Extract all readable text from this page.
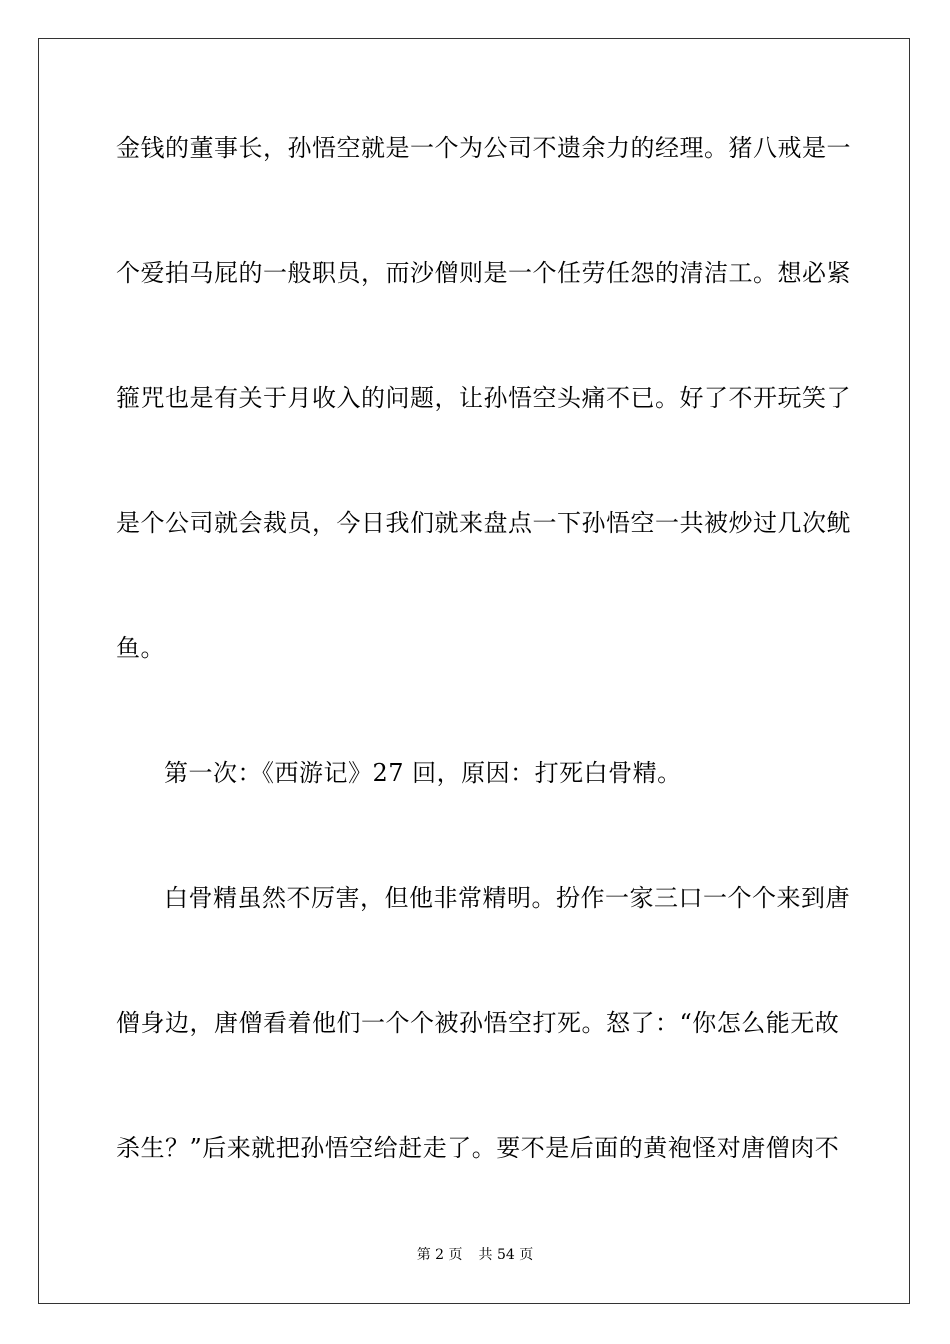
金钱的董事长，孙悟空就是一个为公司不遗余力的经理。猪八戒是一
个爱拍马屁的一般职员，而沙僧则是一个任劳任怨的清洁工。想必紧
箍咒也是有关于月收入的问题，让孙悟空头痛不已。好了不开玩笑了
是个公司就会裁员，今日我们就来盘点一下孙悟空一共被炒过几次鱿
鱼。
第一次：《西游记》27 回，原因：打死白骨精。
白骨精虽然不厉害，但他非常精明。扮作一家三口一个个来到唐
僧身边，唐僧看着他们一个个被孙悟空打死。怒了：“你怎么能无故
杀生？”后来就把孙悟空给赶走了。要不是后面的黄袍怪对唐僧肉不
第 2 页 共 54 页
